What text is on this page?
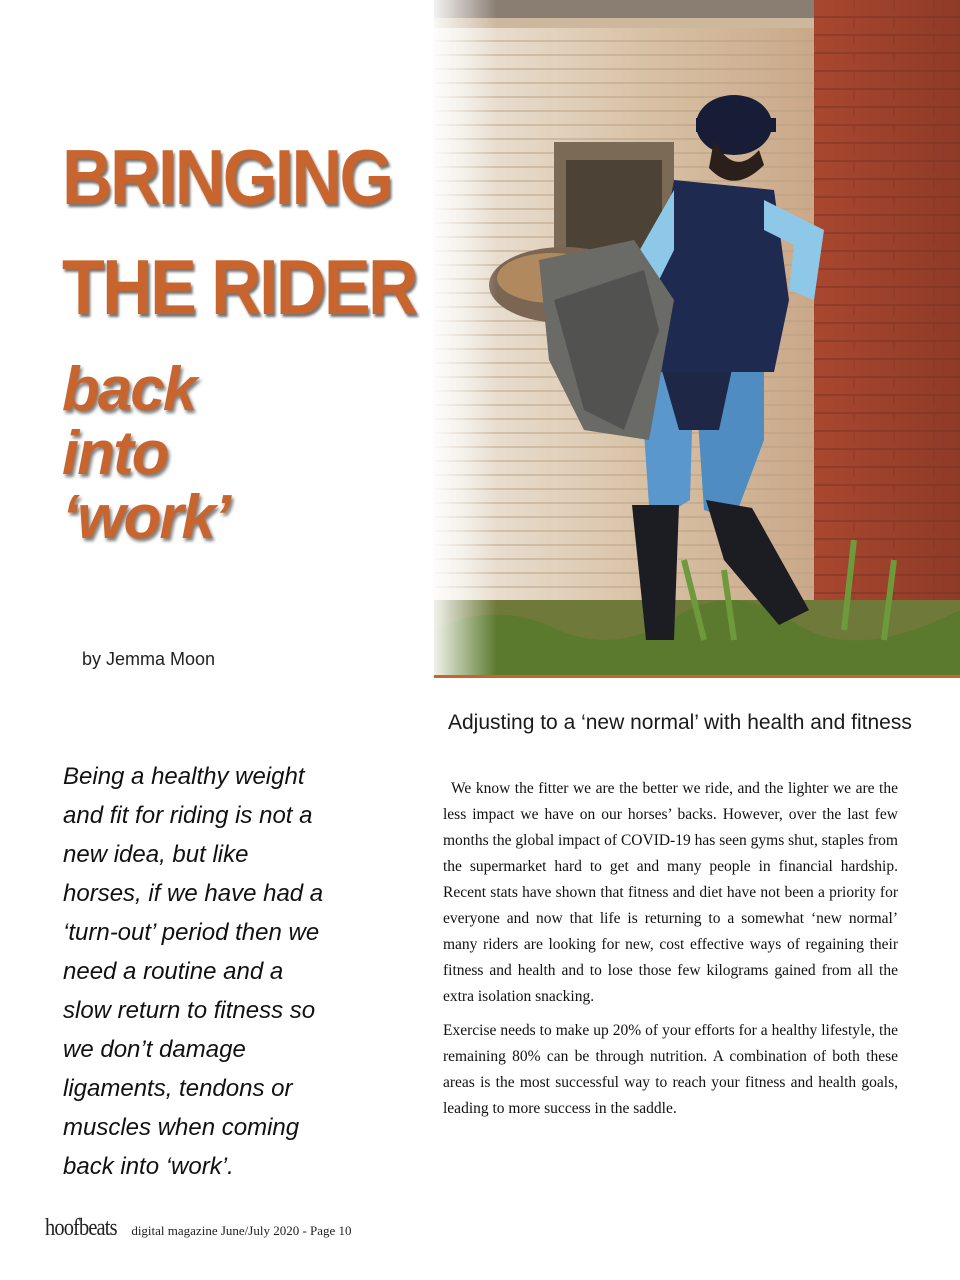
BRINGING
THE RIDER
back
into
‘work’
by Jemma Moon
Adjusting to a ‘new normal’ with health and fitness
Being a healthy weight and fit for riding is not a new idea, but like horses, if we have had a ‘turn-out’ period then we need a routine and a slow return to fitness so we don’t damage ligaments, tendons or muscles when coming back into ‘work’.

We know the fitter we are the better we ride, and the lighter we are the less impact we have on our horses’ backs. However, over the last few months the global impact of COVID-19 has seen gyms shut, staples from the supermarket hard to get and many people in financial hardship. Recent stats have shown that fitness and diet have not been a priority for everyone and now that life is returning to a somewhat ‘new normal’ many riders are looking for new, cost effective ways of regaining their fitness and health and to lose those few kilograms gained from all the extra isolation snacking.

Exercise needs to make up 20% of your efforts for a healthy lifestyle, the remaining 80% can be through nutrition. A combination of both these areas is the most successful way to reach your fitness and health goals, leading to more success in the saddle.

hoofbeats digital magazine June/July 2020 - Page 10
